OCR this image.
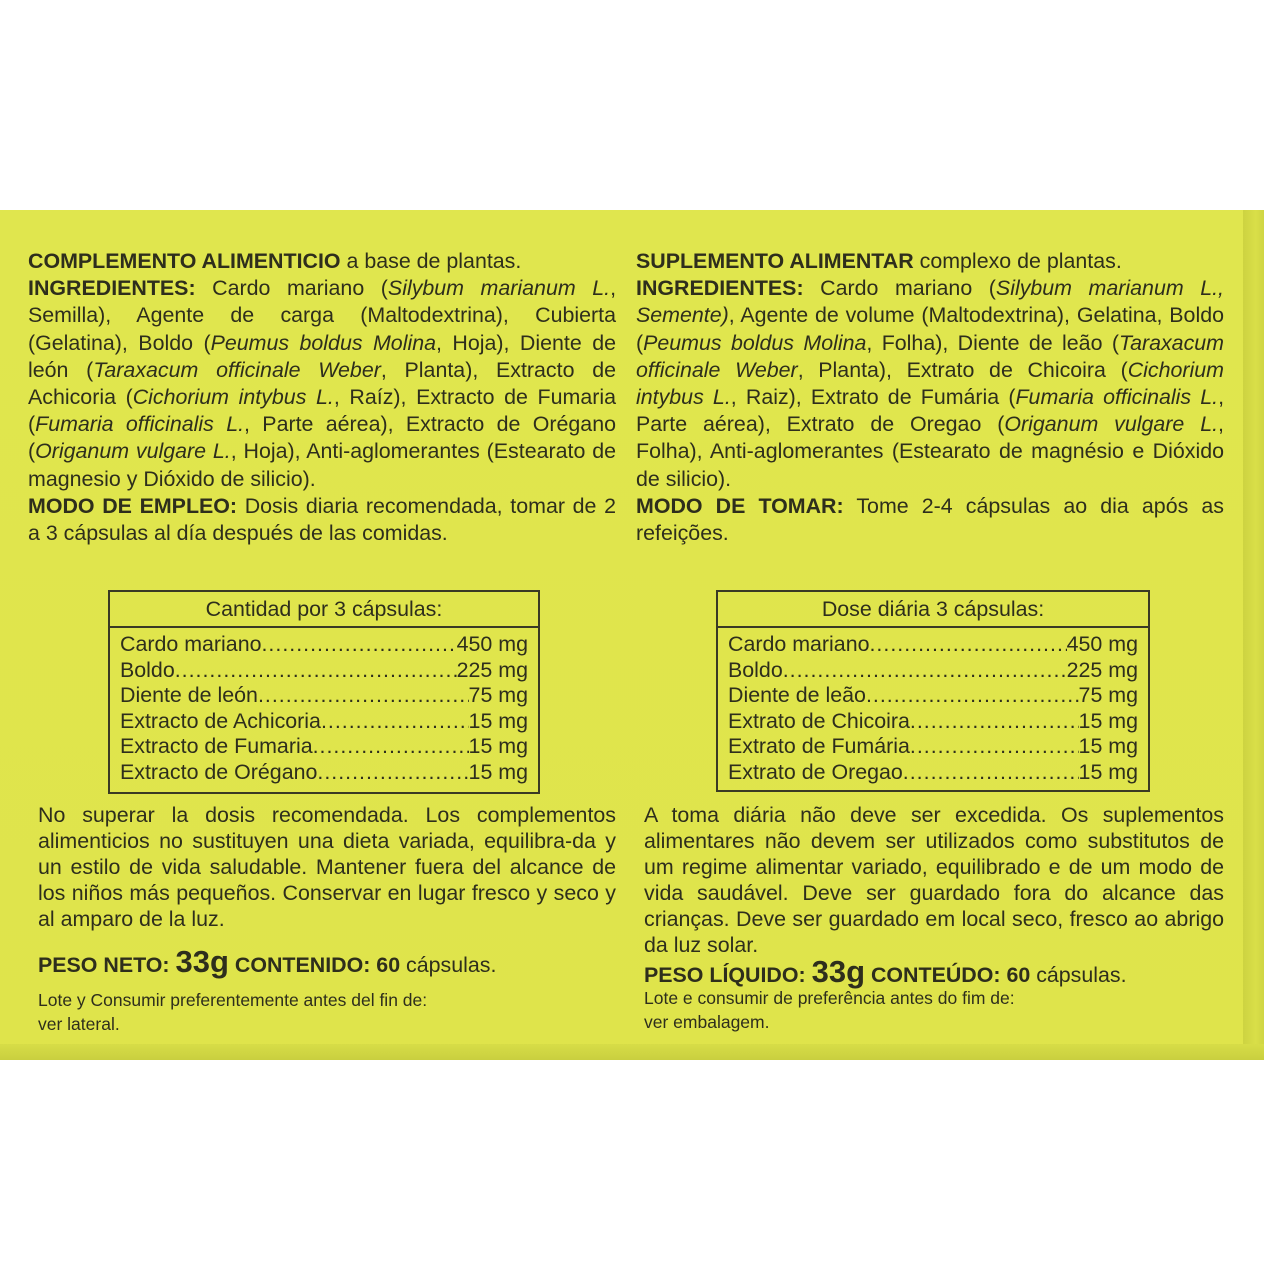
COMPLEMENTO ALIMENTICIO a base de plantas.
INGREDIENTES: Cardo mariano (Silybum marianum L., Semilla), Agente de carga (Maltodextrina), Cubierta (Gelatina), Boldo (Peumus boldus Molina, Hoja), Diente de león (Taraxacum officinale Weber, Planta), Extracto de Achicoria (Cichorium intybus L., Raíz), Extracto de Fumaria (Fumaria officinalis L., Parte aérea), Extracto de Orégano (Origanum vulgare L., Hoja), Anti-aglomerantes (Estearato de magnesio y Dióxido de silicio).

MODO DE EMPLEO: Dosis diaria recomendada, tomar de 2 a 3 cápsulas al día después de las comidas.

Cantidad por 3 cápsulas:
Cardo mariano .....	450 mg
Boldo .....	225 mg
Diente de león .....	75 mg
Extracto de Achicoria .....	15 mg
Extracto de Fumaria .....	15 mg
Extracto de Orégano .....	15 mg

No superar la dosis recomendada. Los complementos alimenticios no sustituyen una dieta variada, equilibra-da y un estilo de vida saludable. Mantener fuera del alcance de los niños más pequeños. Conservar en lugar fresco y seco y al amparo de la luz.

PESO NETO: 33g CONTENIDO: 60 cápsulas.
Lote y Consumir preferentemente antes del fin de:
ver lateral.

SUPLEMENTO ALIMENTAR complexo de plantas.
INGREDIENTES: Cardo mariano (Silybum marianum L., Semente), Agente de volume (Maltodextrina), Gelatina, Boldo (Peumus boldus Molina, Folha), Diente de leão (Taraxacum officinale Weber, Planta), Extrato de Chicoira (Cichorium intybus L., Raiz), Extrato de Fumária (Fumaria officinalis L., Parte aérea), Extrato de Oregao (Origanum vulgare L., Folha), Anti-aglomerantes (Estearato de magnésio e Dióxido de silicio).

MODO DE TOMAR: Tome 2-4 cápsulas ao dia após as refeições.

Dose diária 3 cápsulas:
Cardo mariano .....	450 mg
Boldo .....	225 mg
Diente de leão .....	75 mg
Extrato de Chicoira .....	15 mg
Extrato de Fumária .....	15 mg
Extrato de Oregao .....	15 mg

A toma diária não deve ser excedida. Os suplementos alimentares não devem ser utilizados como substitutos de um regime alimentar variado, equilibrado e de um modo de vida saudável. Deve ser guardado fora do alcance das crianças. Deve ser guardado em local seco, fresco ao abrigo da luz solar.

PESO LÍQUIDO: 33g CONTEÚDO: 60 cápsulas.
Lote e consumir de preferência antes do fim de:
ver embalagem.
